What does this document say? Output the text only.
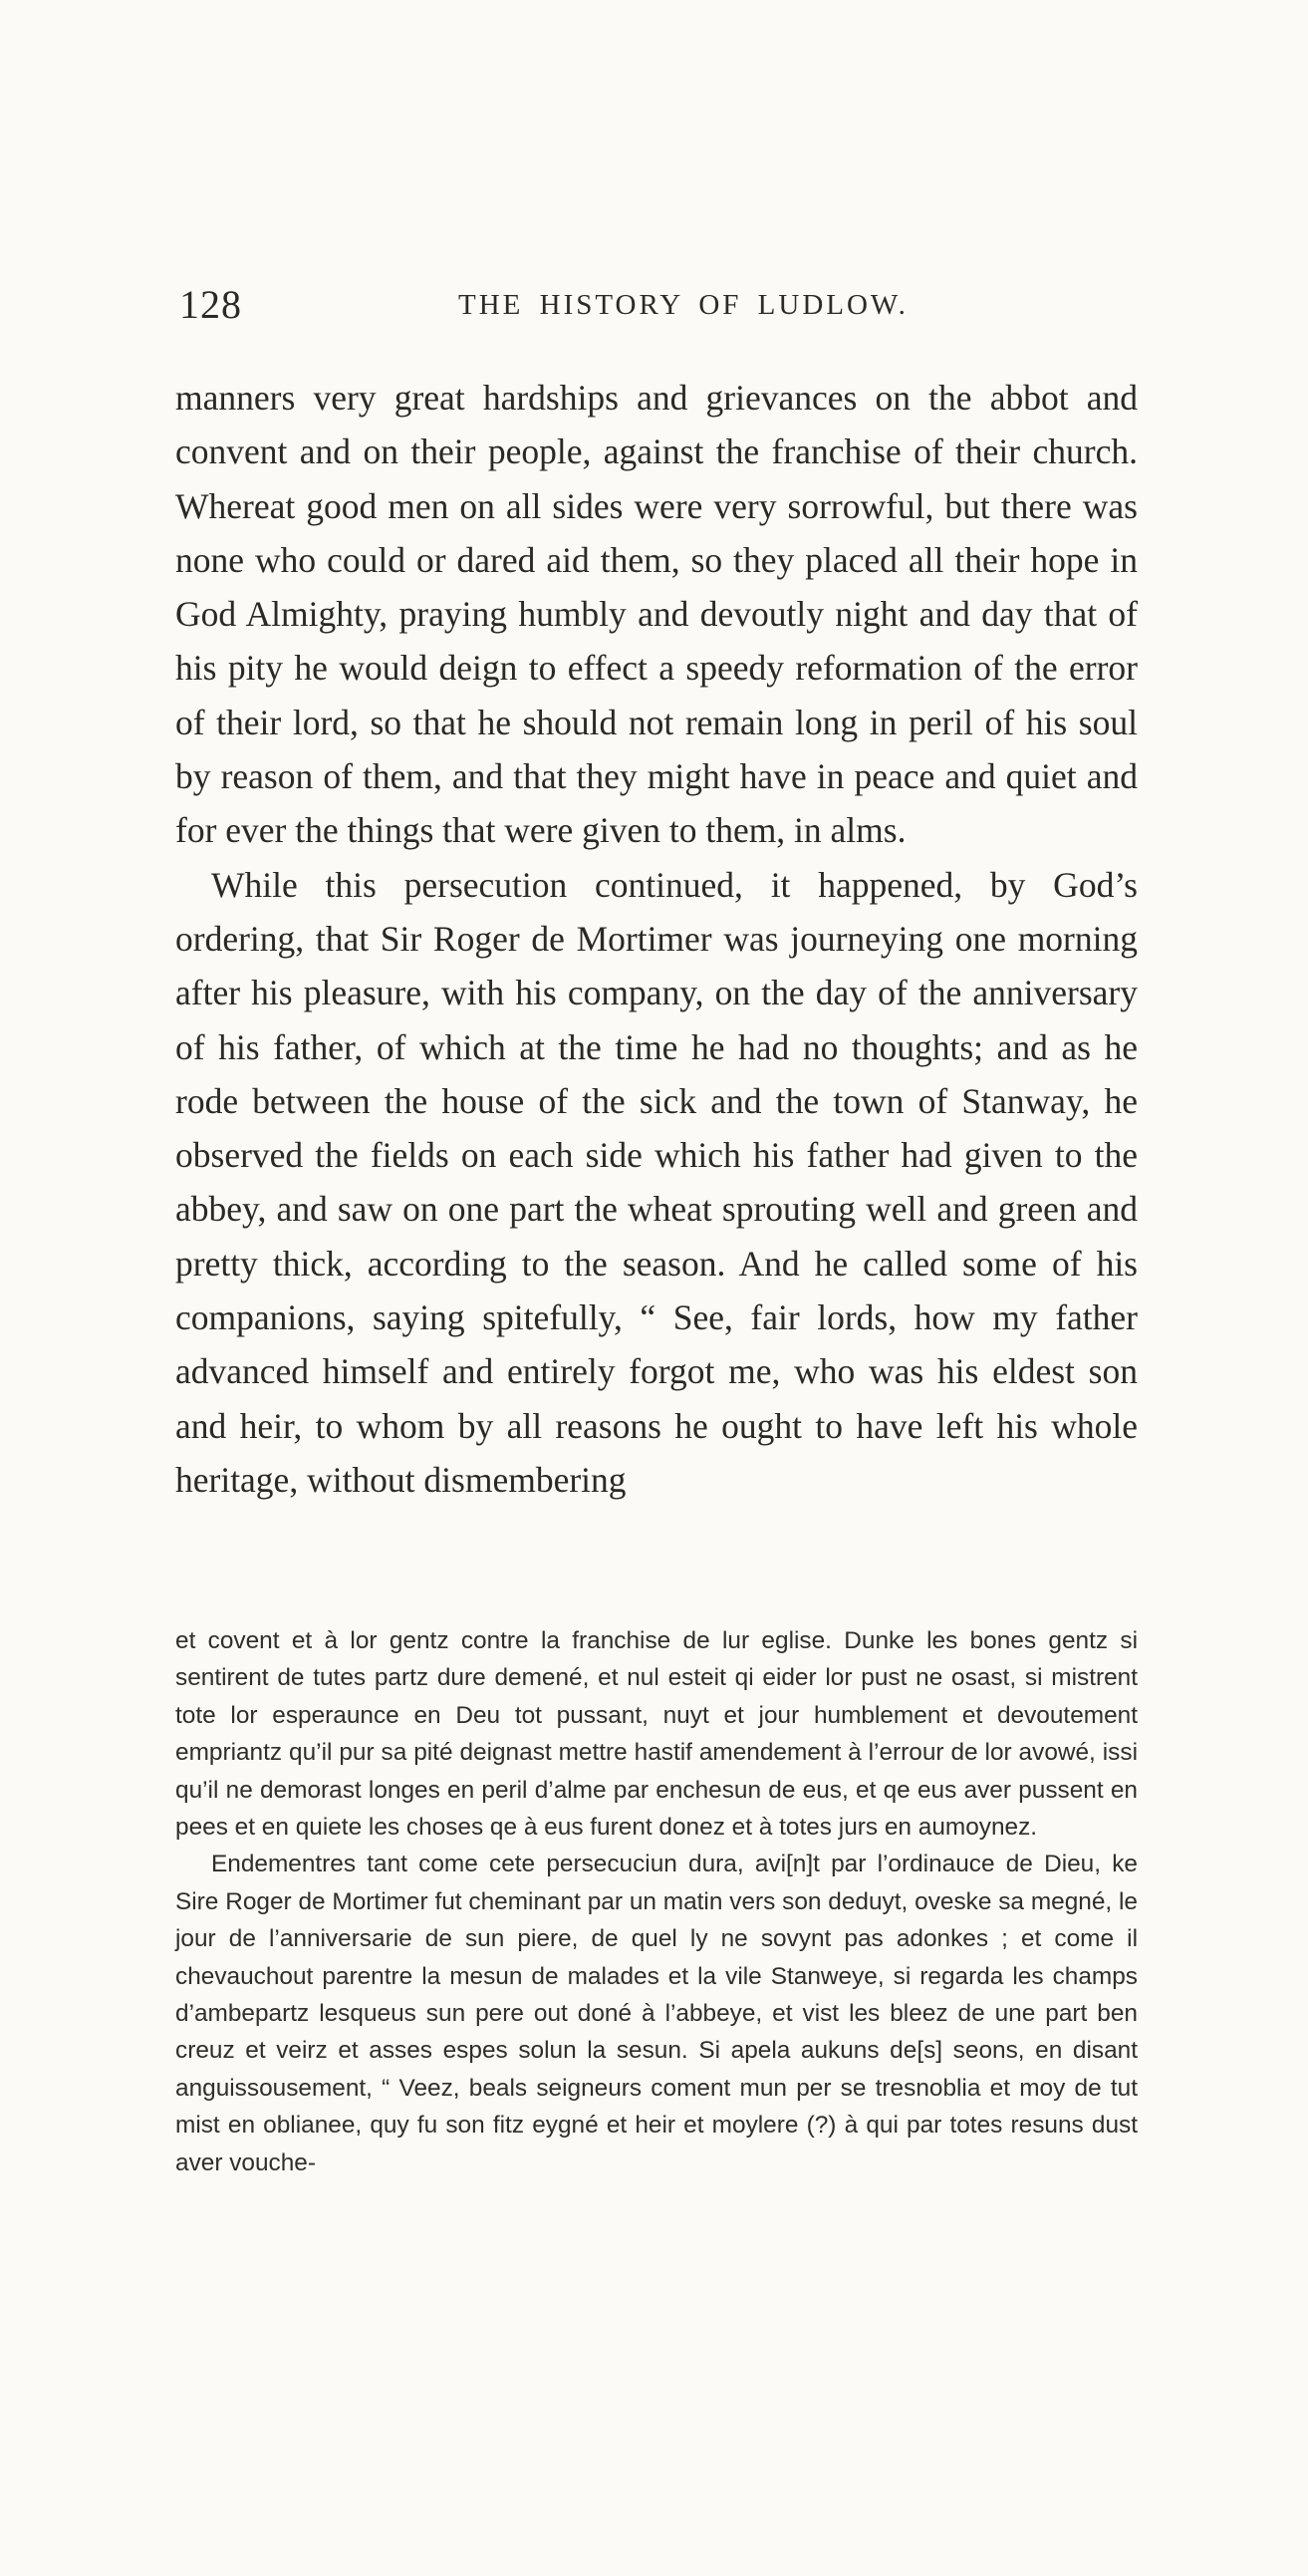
128	THE HISTORY OF LUDLOW.

manners very great hardships and grievances on the abbot and convent and on their people, against the franchise of their church. Whereat good men on all sides were very sorrowful, but there was none who could or dared aid them, so they placed all their hope in God Almighty, praying humbly and devoutly night and day that of his pity he would deign to effect a speedy reformation of the error of their lord, so that he should not remain long in peril of his soul by reason of them, and that they might have in peace and quiet and for ever the things that were given to them, in alms.

While this persecution continued, it happened, by God’s ordering, that Sir Roger de Mortimer was journeying one morning after his pleasure, with his company, on the day of the anniversary of his father, of which at the time he had no thoughts; and as he rode between the house of the sick and the town of Stanway, he observed the fields on each side which his father had given to the abbey, and saw on one part the wheat sprouting well and green and pretty thick, according to the season. And he called some of his companions, saying spitefully, “ See, fair lords, how my father advanced himself and entirely forgot me, who was his eldest son and heir, to whom by all reasons he ought to have left his whole heritage, without dismembering

et covent et à lor gentz contre la franchise de lur eglise. Dunke les bones gentz si sentirent de tutes partz dure demené, et nul esteit qi eider lor pust ne osast, si mistrent tote lor esperaunce en Deu tot pussant, nuyt et jour humblement et devoutement empriantz qu’il pur sa pité deignast mettre hastif amendement à l’errour de lor avowé, issi qu’il ne demorast longes en peril d’alme par enchesun de eus, et qe eus aver pussent en pees et en quiete les choses qe à eus furent donez et à totes jurs en aumoynez.

Endementres tant come cete persecuciun dura, avi[n]t par l’ordinauce de Dieu, ke Sire Roger de Mortimer fut cheminant par un matin vers son deduyt, oveske sa megné, le jour de l’anniversarie de sun piere, de quel ly ne sovynt pas adonkes ; et come il chevauchout parentre la mesun de malades et la vile Stanweye, si regarda les champs d’ambepartz lesqueus sun pere out doné à l’abbeye, et vist les bleez de une part ben creuz et veirz et asses espes solun la sesun. Si apela aukuns de[s] seons, en disant anguissousement, “ Veez, beals seigneurs coment mun per se tresnoblia et moy de tut mist en oblianee, quy fu son fitz eygné et heir et moylere (?) à qui par totes resuns dust aver vouche-
